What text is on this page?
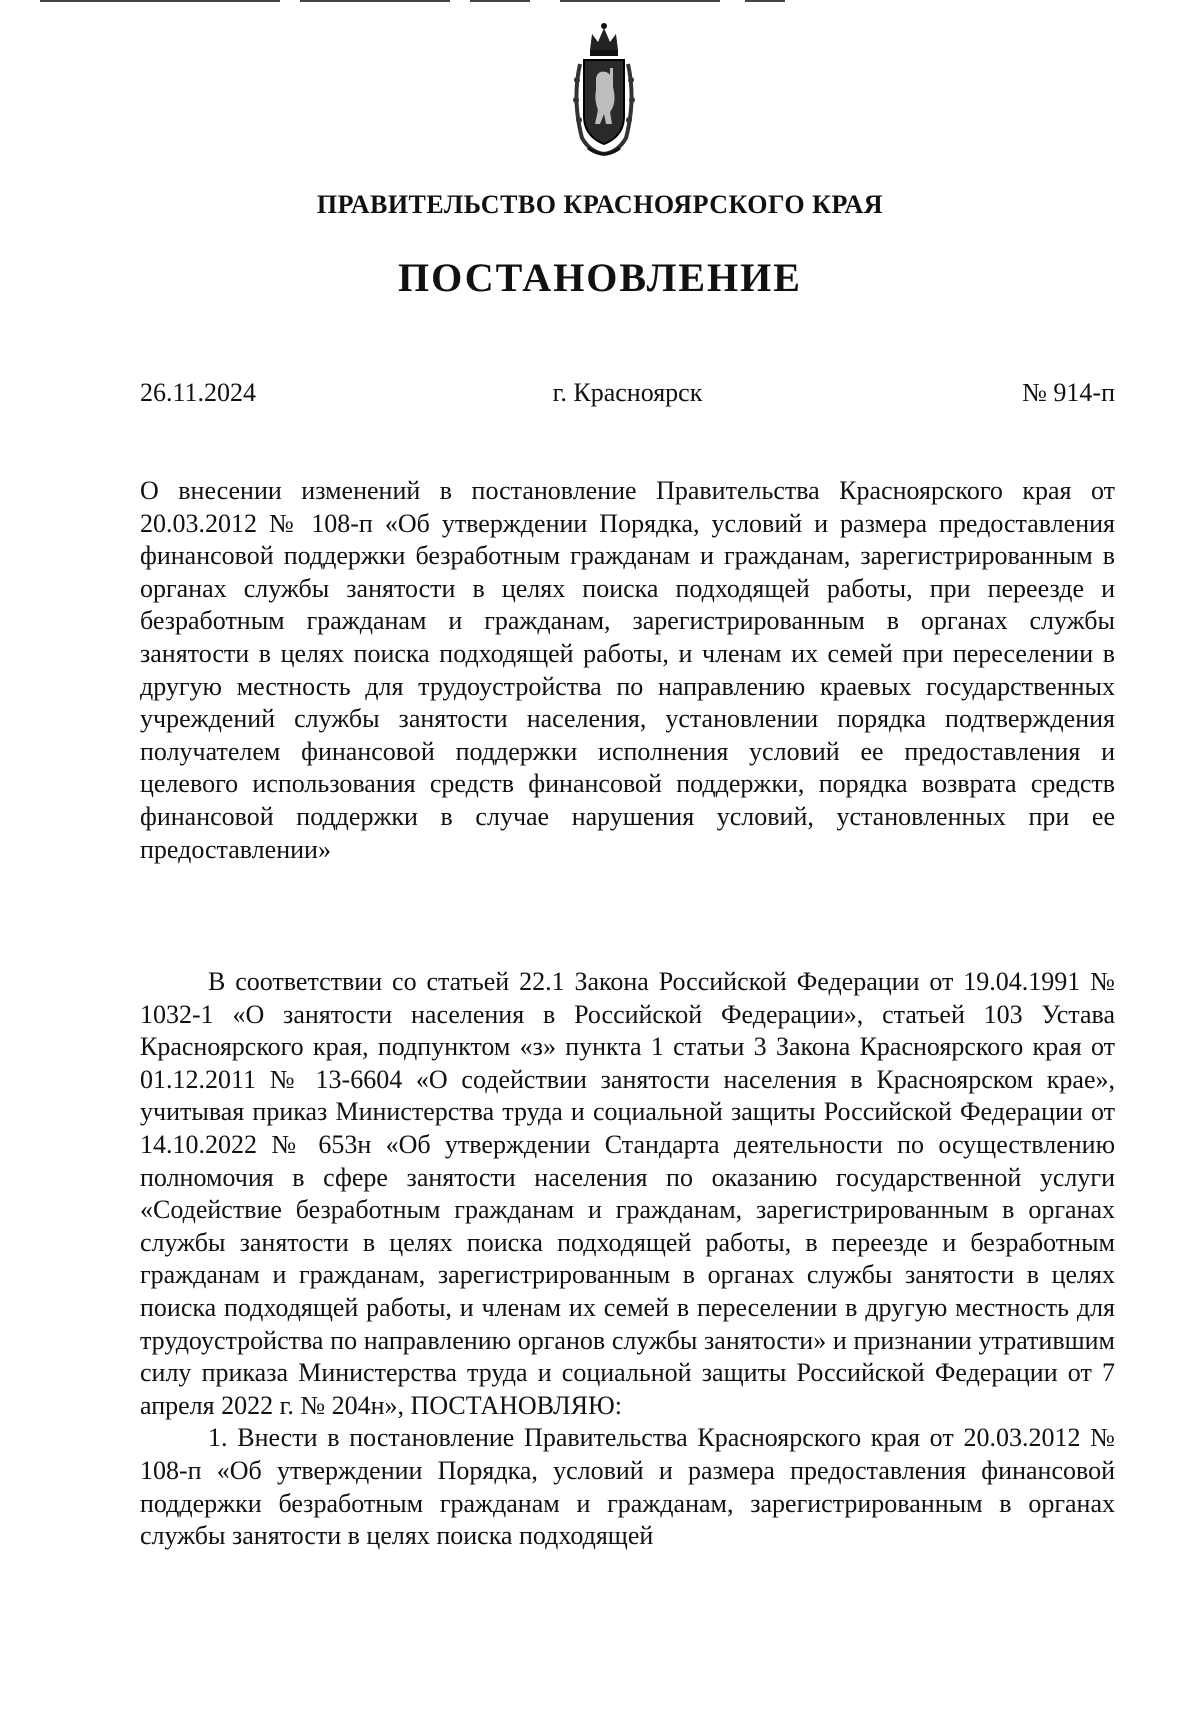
ПРАВИТЕЛЬСТВО КРАСНОЯРСКОГО КРАЯ
ПОСТАНОВЛЕНИЕ
г. Красноярск
26.11.2024	№ 914-п

О внесении изменений в постановление Правительства Красноярского края от 20.03.2012 № 108-п «Об утверждении Порядка, условий и размера предоставления финансовой поддержки безработным гражданам и гражданам, зарегистрированным в органах службы занятости в целях поиска подходящей работы, при переезде и безработным гражданам и гражданам, зарегистрированным в органах службы занятости в целях поиска подходящей работы, и членам их семей при переселении в другую местность для трудоустройства по направлению краевых государственных учреждений службы занятости населения, установлении порядка подтверждения получателем финансовой поддержки исполнения условий ее предоставления и целевого использования средств финансовой поддержки, порядка возврата средств финансовой поддержки в случае нарушения условий, установленных при ее предоставлении»

В соответствии со статьей 22.1 Закона Российской Федерации от 19.04.1991 № 1032-1 «О занятости населения в Российской Федерации», статьей 103 Устава Красноярского края, подпунктом «з» пункта 1 статьи 3 Закона Красноярского края от 01.12.2011 № 13-6604 «О содействии занятости населения в Красноярском крае», учитывая приказ Министерства труда и социальной защиты Российской Федерации от 14.10.2022 № 653н «Об утверждении Стандарта деятельности по осуществлению полномочия в сфере занятости населения по оказанию государственной услуги «Содействие безработным гражданам и гражданам, зарегистрированным в органах службы занятости в целях поиска подходящей работы, в переезде и безработным гражданам и гражданам, зарегистрированным в органах службы занятости в целях поиска подходящей работы, и членам их семей в переселении в другую местность для трудоустройства по направлению органов службы занятости» и признании утратившим силу приказа Министерства труда и социальной защиты Российской Федерации от 7 апреля 2022 г. № 204н», ПОСТАНОВЛЯЮ:

1. Внести в постановление Правительства Красноярского края от 20.03.2012 № 108-п «Об утверждении Порядка, условий и размера предоставления финансовой поддержки безработным гражданам и гражданам, зарегистрированным в органах службы занятости в целях поиска подходящей
